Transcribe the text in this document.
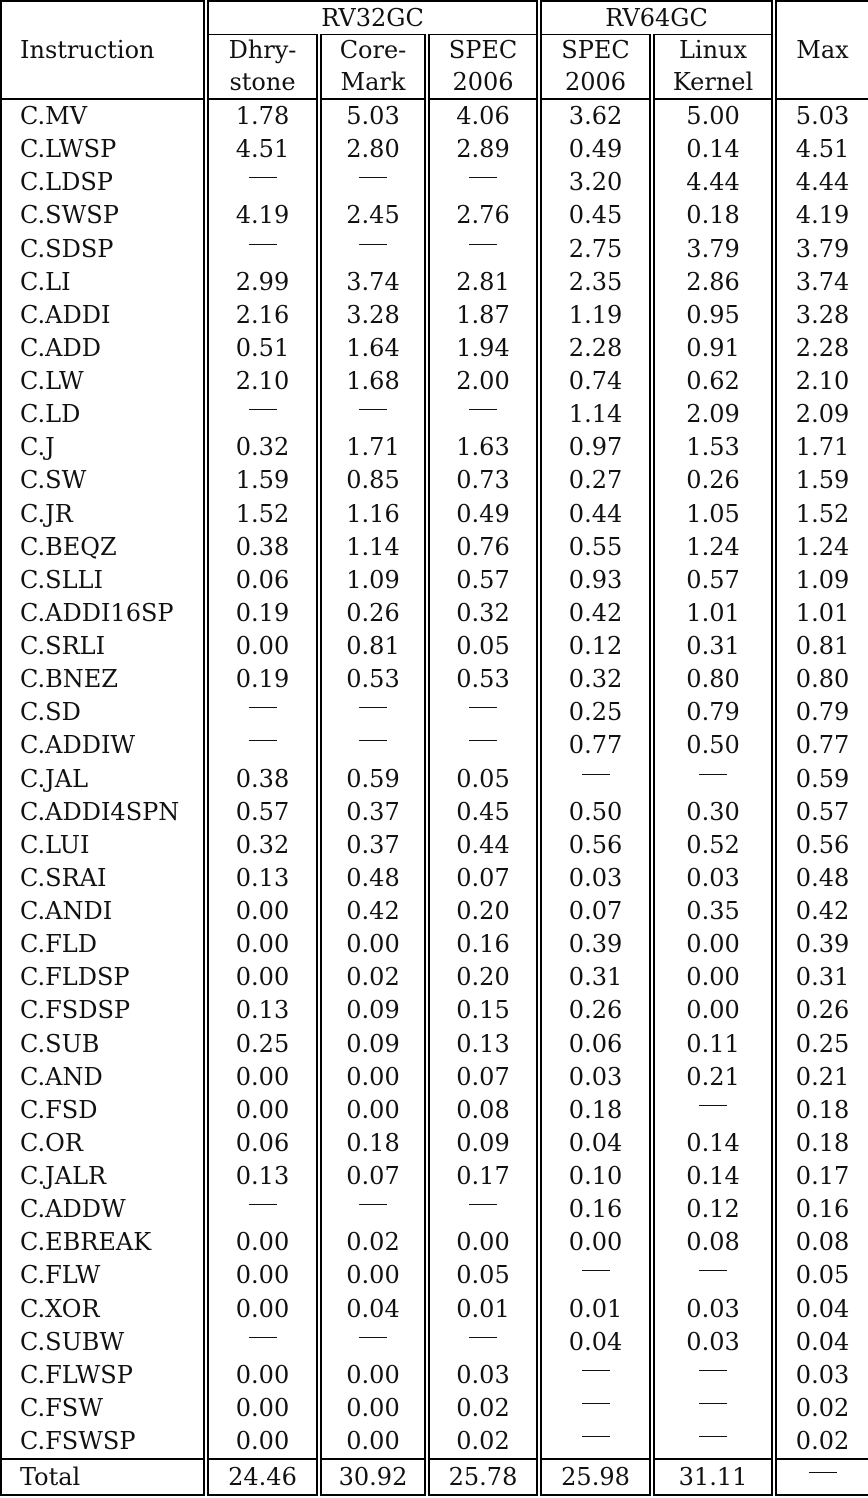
	RV32GC			RV64GC		
Instruction	Dhry-	Core-	SPEC	SPEC	Linux	Max
	stone	Mark	2006	2006	Kernel	
C.MV	1.78	5.03	4.06	3.62	5.00	5.03
C.LWSP	4.51	2.80	2.89	0.49	0.14	4.51
C.LDSP				3.20	4.44	4.44
C.SWSP	4.19	2.45	2.76	0.45	0.18	4.19
C.SDSP				2.75	3.79	3.79
C.LI	2.99	3.74	2.81	2.35	2.86	3.74
C.ADDI	2.16	3.28	1.87	1.19	0.95	3.28
C.ADD	0.51	1.64	1.94	2.28	0.91	2.28
C.LW	2.10	1.68	2.00	0.74	0.62	2.10
C.LD				1.14	2.09	2.09
C.J	0.32	1.71	1.63	0.97	1.53	1.71
C.SW	1.59	0.85	0.73	0.27	0.26	1.59
C.JR	1.52	1.16	0.49	0.44	1.05	1.52
C.BEQZ	0.38	1.14	0.76	0.55	1.24	1.24
C.SLLI	0.06	1.09	0.57	0.93	0.57	1.09
C.ADDI16SP	0.19	0.26	0.32	0.42	1.01	1.01
C.SRLI	0.00	0.81	0.05	0.12	0.31	0.81
C.BNEZ	0.19	0.53	0.53	0.32	0.80	0.80
C.SD				0.25	0.79	0.79
C.ADDIW				0.77	0.50	0.77
C.JAL	0.38	0.59	0.05			0.59
C.ADDI4SPN	0.57	0.37	0.45	0.50	0.30	0.57
C.LUI	0.32	0.37	0.44	0.56	0.52	0.56
C.SRAI	0.13	0.48	0.07	0.03	0.03	0.48
C.ANDI	0.00	0.42	0.20	0.07	0.35	0.42
C.FLD	0.00	0.00	0.16	0.39	0.00	0.39
C.FLDSP	0.00	0.02	0.20	0.31	0.00	0.31
C.FSDSP	0.13	0.09	0.15	0.26	0.00	0.26
C.SUB	0.25	0.09	0.13	0.06	0.11	0.25
C.AND	0.00	0.00	0.07	0.03	0.21	0.21
C.FSD	0.00	0.00	0.08	0.18		0.18
C.OR	0.06	0.18	0.09	0.04	0.14	0.18
C.JALR	0.13	0.07	0.17	0.10	0.14	0.17
C.ADDW				0.16	0.12	0.16
C.EBREAK	0.00	0.02	0.00	0.00	0.08	0.08
C.FLW	0.00	0.00	0.05			0.05
C.XOR	0.00	0.04	0.01	0.01	0.03	0.04
C.SUBW				0.04	0.03	0.04
C.FLWSP	0.00	0.00	0.03			0.03
C.FSW	0.00	0.00	0.02			0.02
C.FSWSP	0.00	0.00	0.02			0.02
Total	24.46	30.92	25.78	25.98	31.11	
